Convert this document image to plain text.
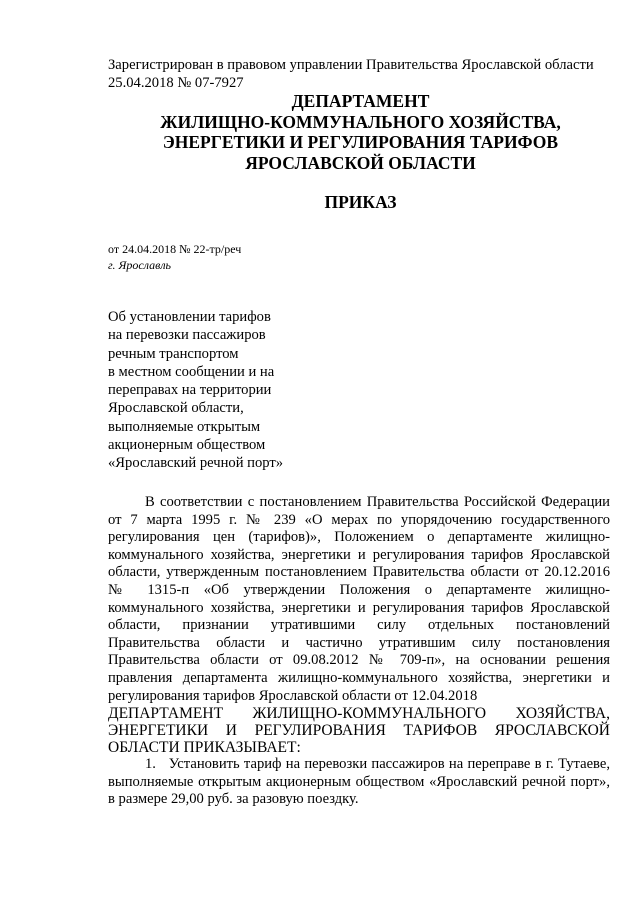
Зарегистрирован в правовом управлении Правительства Ярославской области
25.04.2018 № 07-7927
ДЕПАРТАМЕНТ
ЖИЛИЩНО-КОММУНАЛЬНОГО ХОЗЯЙСТВА,
ЭНЕРГЕТИКИ И РЕГУЛИРОВАНИЯ ТАРИФОВ
ЯРОСЛАВСКОЙ ОБЛАСТИ
ПРИКАЗ
от 24.04.2018 № 22-тр/реч
г. Ярославль
Об установлении тарифов
на перевозки пассажиров
речным транспортом
в местном сообщении и на
переправах на территории
Ярославской области,
выполняемые открытым
акционерным обществом
«Ярославский речной порт»

В соответствии с постановлением Правительства Российской Федерации от 7 марта 1995 г. № 239 «О мерах по упорядочению государственного регулирования цен (тарифов)», Положением о департаменте жилищно-коммунального хозяйства, энергетики и регулирования тарифов Ярославской области, утвержденным постановлением Правительства области от 20.12.2016 № 1315-п «Об утверждении Положения о департаменте жилищно-коммунального хозяйства, энергетики и регулирования тарифов Ярославской области, признании утратившими силу отдельных постановлений Правительства области и частично утратившим силу постановления Правительства области от 09.08.2012 № 709-п», на основании решения правления департамента жилищно-коммунального хозяйства, энергетики и регулирования тарифов Ярославской области от 12.04.2018

ДЕПАРТАМЕНТ ЖИЛИЩНО-КОММУНАЛЬНОГО ХОЗЯЙСТВА, ЭНЕРГЕТИКИ И РЕГУЛИРОВАНИЯ ТАРИФОВ ЯРОСЛАВСКОЙ ОБЛАСТИ ПРИКАЗЫВАЕТ:

1.   Установить тариф на перевозки пассажиров на переправе в г. Тутаеве, выполняемые открытым акционерным обществом «Ярославский речной порт», в размере 29,00 руб. за разовую поездку.
